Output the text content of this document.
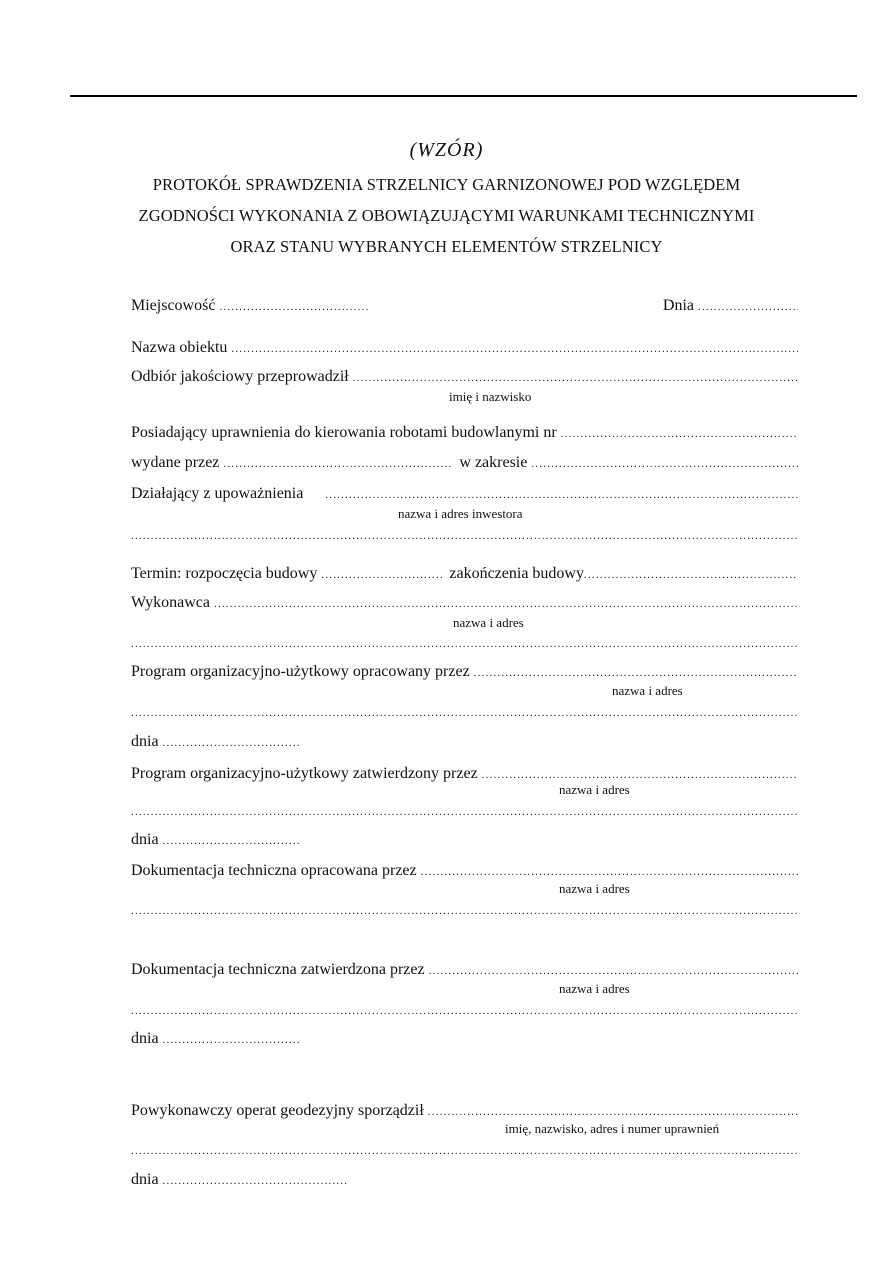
(WZÓR)
PROTOKÓŁ SPRAWDZENIA STRZELNICY GARNIZONOWEJ POD WZGLĘDEM
ZGODNOŚCI WYKONANIA Z OBOWIĄZUJĄCYMI WARUNKAMI TECHNICZNYMI
ORAZ STANU WYBRANYCH ELEMENTÓW STRZELNICY
Miejscowość .....	Dnia
.....
Nazwa obiektu
.....
Odbiór jakościowy przeprowadził
.....
imię i nazwisko
Posiadający uprawnienia do kierowania robotami budowlanymi nr
.....
wydane przez .....	w zakresie
.....
Działający z upoważnienia
.....
nazwa i adres inwestora
.....
Termin: rozpoczęcia budowy .....	zakończenia budowy
.....
Wykonawca
.....
nazwa i adres
.....
Program organizacyjno-użytkowy opracowany przez
.....
nazwa i adres
.....
dnia
.....
Program organizacyjno-użytkowy zatwierdzony przez
.....
nazwa i adres
.....
dnia
.....
Dokumentacja techniczna opracowana przez
.....
nazwa i adres
.....
Dokumentacja techniczna zatwierdzona przez
.....
nazwa i adres
.....
dnia
.....
Powykonawczy operat geodezyjny sporządził
.....
imię, nazwisko, adres i numer uprawnień
.....
dnia
.....
